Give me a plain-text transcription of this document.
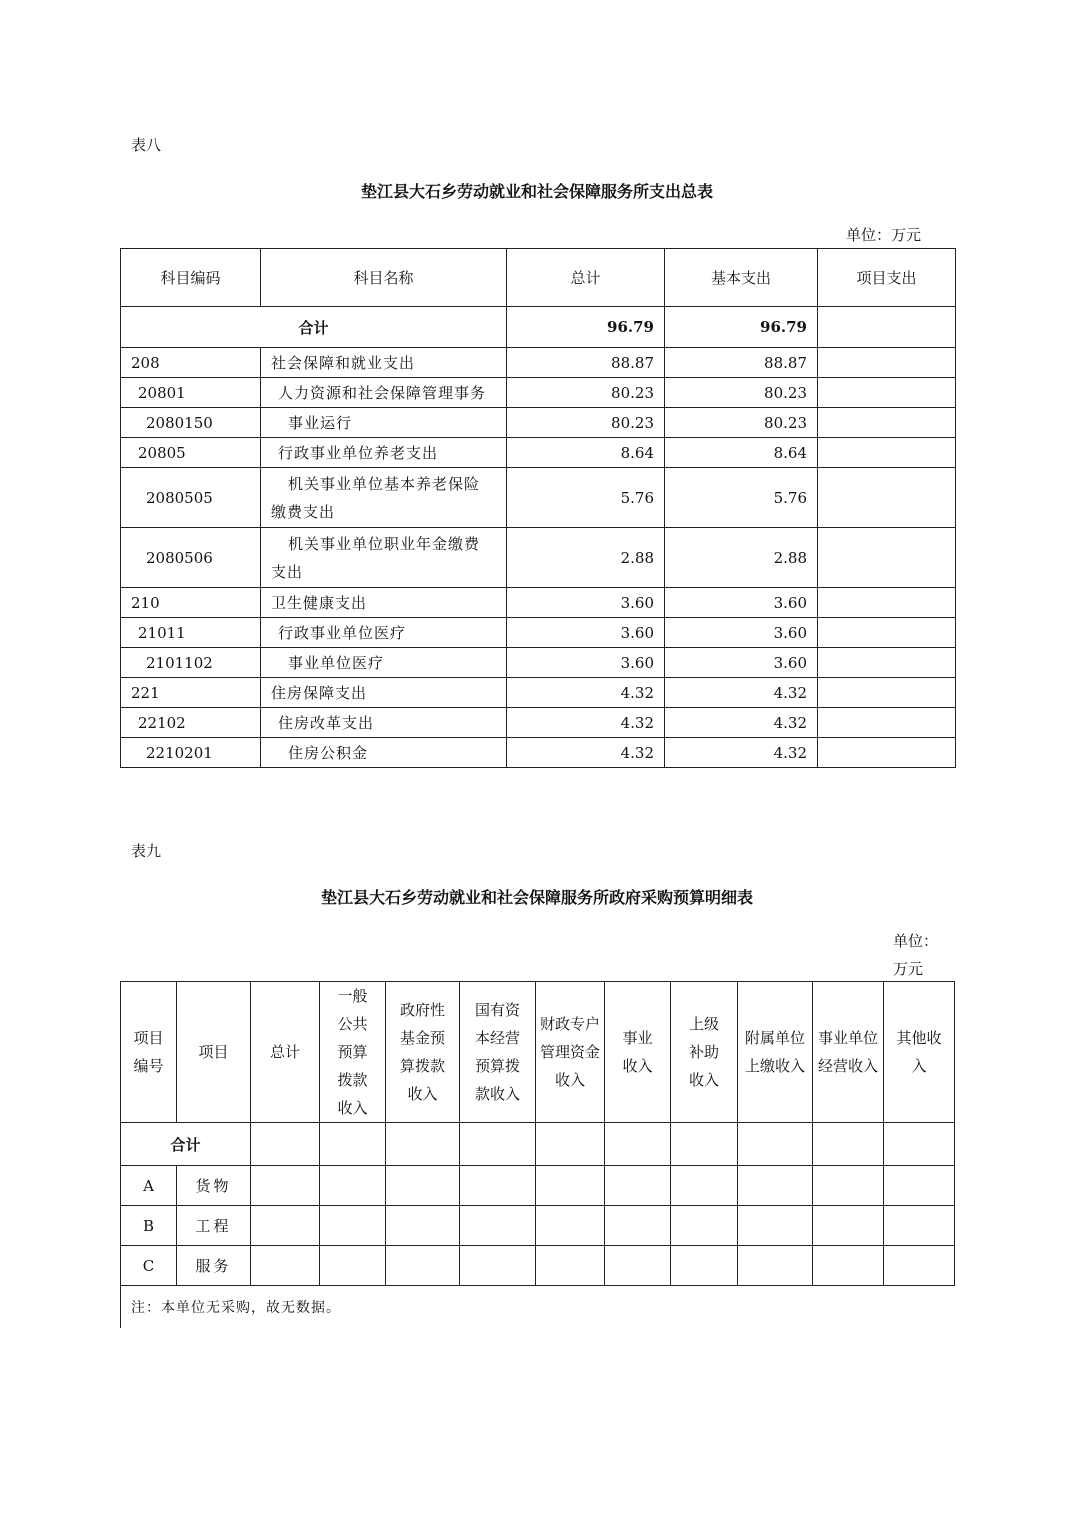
表八
垫江县大石乡劳动就业和社会保障服务所支出总表
单位：万元
科目编码	科目名称	总计	基本支出	项目支出
合计		96.79	96.79	
208	社会保障和就业支出	88.87	88.87	
20801	人力资源和社会保障管理事务	80.23	80.23	
2080150	事业运行	80.23	80.23	
20805	行政事业单位养老支出	8.64	8.64	
2080505	机关事业单位基本养老保险缴费支出	5.76	5.76	
2080506	机关事业单位职业年金缴费支出	2.88	2.88	
210	卫生健康支出	3.60	3.60	
21011	行政事业单位医疗	3.60	3.60	
2101102	事业单位医疗	3.60	3.60	
221	住房保障支出	4.32	4.32	
22102	住房改革支出	4.32	4.32	
2210201	住房公积金	4.32	4.32	
表九
垫江县大石乡劳动就业和社会保障服务所政府采购预算明细表
单位：
万元
项目编号	项目	总计	一般公共预算拨款收入	政府性基金预算拨款收入	国有资本经营预算拨款收入	财政专户管理资金收入	事业收入	上级补助收入	附属单位上缴收入	事业单位经营收入	其他收入
合计											
A	货物										
B	工程										
C	服务										
注：本单位无采购，故无数据。
